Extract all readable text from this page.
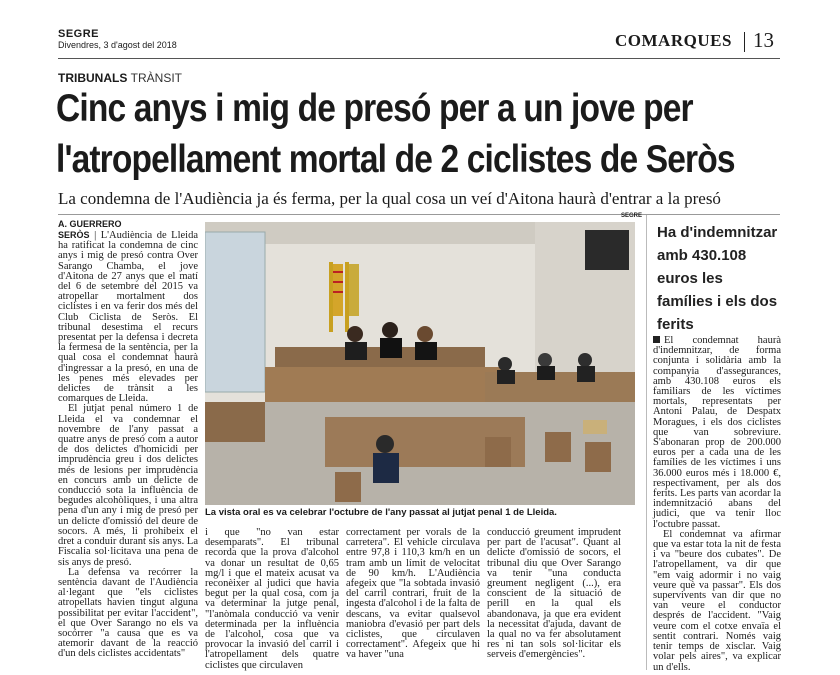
SEGRE
Divendres, 3 d'agost del 2018	COMARQUES 13
TRIBUNALS TRÀNSIT
Cinc anys i mig de presó per a un jove per
l'atropellament mortal de 2 ciclistes de Seròs
La condemna de l'Audiència ja és ferma, per la qual cosa un veí d'Aitona haurà d'entrar a la presó
A. GUERRERO
SEGRE

SERÒS | L'Audiència de Lleida ha ratificat la condemna de cinc anys i mig de presó contra Over Sarango Chamba, el jove d'Aitona de 27 anys que el matí del 6 de setembre del 2015 va atropellar mortalment dos ciclistes i en va ferir dos més del Club Ciclista de Seròs. El tribunal desestima el recurs presentat per la defensa i decreta la fermesa de la sentència, per la qual cosa el condemnat haurà d'ingressar a la presó, en una de les penes més elevades per delictes de trànsit a les comarques de Lleida.

El jutjat penal número 1 de Lleida el va condemnar el novembre de l'any passat a quatre anys de presó com a autor de dos delictes d'homicidi per imprudència greu i dos delictes més de lesions per imprudència en concurs amb un delicte de conducció sota la influència de begudes alcohòliques, i una altra pena d'un any i mig de presó per un delicte d'omissió del deure de socors. A més, li prohibeix el dret a conduir durant sis anys. La Fiscalia sol·licitava una pena de sis anys de presó.

La defensa va recórrer la sentència davant de l'Audiència al·legant que "els ciclistes atropellats havien tingut alguna possibilitat per evitar l'accident", el que Over Sarango no els va socórrer "a causa que es va atemorir davant de la reacció d'un dels ciclistes accidentats"

La vista oral es va celebrar l'octubre de l'any passat al jutjat penal 1 de Lleida.

i que "no van estar desemparats". El tribunal recorda que la prova d'alcohol va donar un resultat de 0,65 mg/l i que el mateix acusat va reconèixer al judici que havia begut per la qual cosa, com ja va determinar la jutge penal, "l'anòmala conducció va venir determinada per la influència de l'alcohol, cosa que va provocar la invasió del carril i l'atropellament dels quatre ciclistes que circulaven

correctament per vorals de la carretera". El vehicle circulava entre 97,8 i 110,3 km/h en un tram amb un límit de velocitat de 90 km/h. L'Audiència afegeix que "la sobtada invasió del carril contrari, fruit de la ingesta d'alcohol i de la falta de descans, va evitar qualsevol maniobra d'evasió per part dels ciclistes, que circulaven correctament". Afegeix que hi va haver "una

conducció greument imprudent per part de l'acusat". Quant al delicte d'omissió de socors, el tribunal diu que Over Sarango va tenir "una conducta greument negligent (...), era conscient de la situació de perill en la qual els abandonava, ja que era evident la necessitat d'ajuda, davant de la qual no va fer absolutament res ni tan sols sol·licitar els serveis d'emergències".

Ha d'indemnitzar amb 430.108 euros les famílies i els dos ferits

El condemnat haurà d'indemnitzar, de forma conjunta i solidària amb la companyia d'assegurances, amb 430.108 euros els familiars de les víctimes mortals, representats per Antoni Palau, de Despatx Moragues, i els dos ciclistes que van sobreviure. S'abonaran prop de 200.000 euros per a cada una de les famílies de les víctimes i uns 36.000 euros més i 18.000 €, respectivament, per als dos ferits. Les parts van acordar la indemnització abans del judici, que va tenir lloc l'octubre passat.

El condemnat va afirmar que va estar tota la nit de festa i va "beure dos cubates". De l'atropellament, va dir que "em vaig adormir i no vaig veure què va passar". Els dos supervivents van dir que no van veure el conductor després de l'accident. "Vaig veure com el cotxe envaïa el sentit contrari. Només vaig tenir temps de xisclar. Vaig volar pels aires", va explicar un d'ells.
